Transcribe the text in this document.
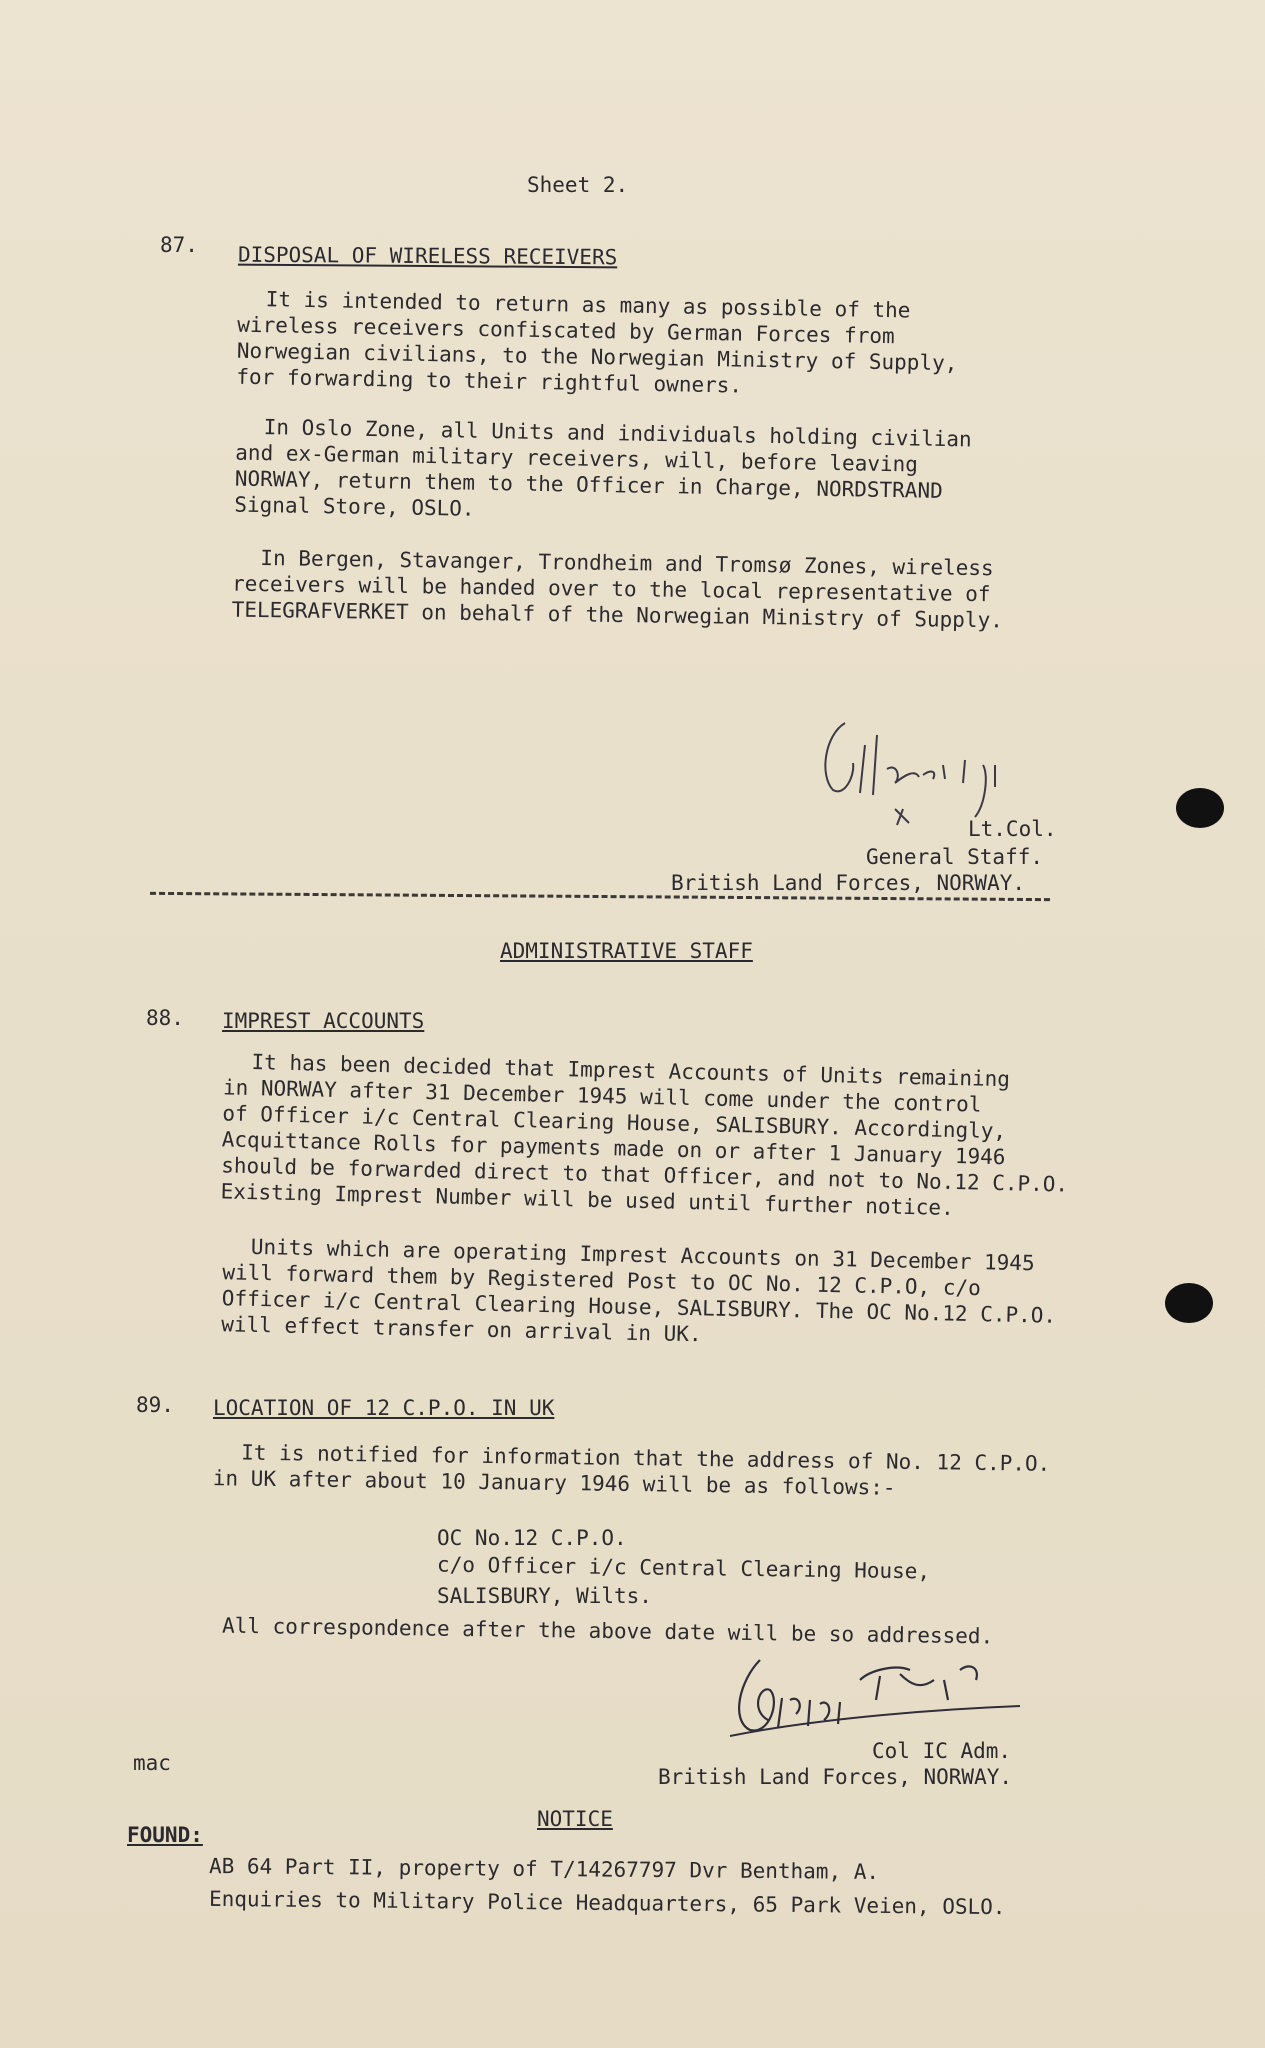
Sheet 2.
87. DISPOSAL OF WIRELESS RECEIVERS
It is intended to return as many as possible of the
wireless receivers confiscated by German Forces from
Norwegian civilians, to the Norwegian Ministry of Supply,
for forwarding to their rightful owners.
In Oslo Zone, all Units and individuals holding civilian
and ex-German military receivers, will, before leaving
NORWAY, return them to the Officer in Charge, NORDSTRAND
Signal Store, OSLO.
In Bergen, Stavanger, Trondheim and Tromsø Zones, wireless
receivers will be handed over to the local representative of
TELEGRAFVERKET on behalf of the Norwegian Ministry of Supply.
Lt.Col.
General Staff.
British Land Forces, NORWAY.
ADMINISTRATIVE STAFF
88. IMPREST ACCOUNTS
It has been decided that Imprest Accounts of Units remaining
in NORWAY after 31 December 1945 will come under the control
of Officer i/c Central Clearing House, SALISBURY. Accordingly,
Acquittance Rolls for payments made on or after 1 January 1946
should be forwarded direct to that Officer, and not to No.12 C.P.O.
Existing Imprest Number will be used until further notice.
Units which are operating Imprest Accounts on 31 December 1945
will forward them by Registered Post to OC No. 12 C.P.O, c/o
Officer i/c Central Clearing House, SALISBURY. The OC No.12 C.P.O.
will effect transfer on arrival in UK.
89. LOCATION OF 12 C.P.O. IN UK
It is notified for information that the address of No. 12 C.P.O.
in UK after about 10 January 1946 will be as follows:-
OC No.12 C.P.O.
c/o Officer i/c Central Clearing House,
SALISBURY, Wilts.
All correspondence after the above date will be so addressed.
Col IC Adm.
British Land Forces, NORWAY.
mac
NOTICE
FOUND:
AB 64 Part II, property of T/14267797 Dvr Bentham, A.
Enquiries to Military Police Headquarters, 65 Park Veien, OSLO.
